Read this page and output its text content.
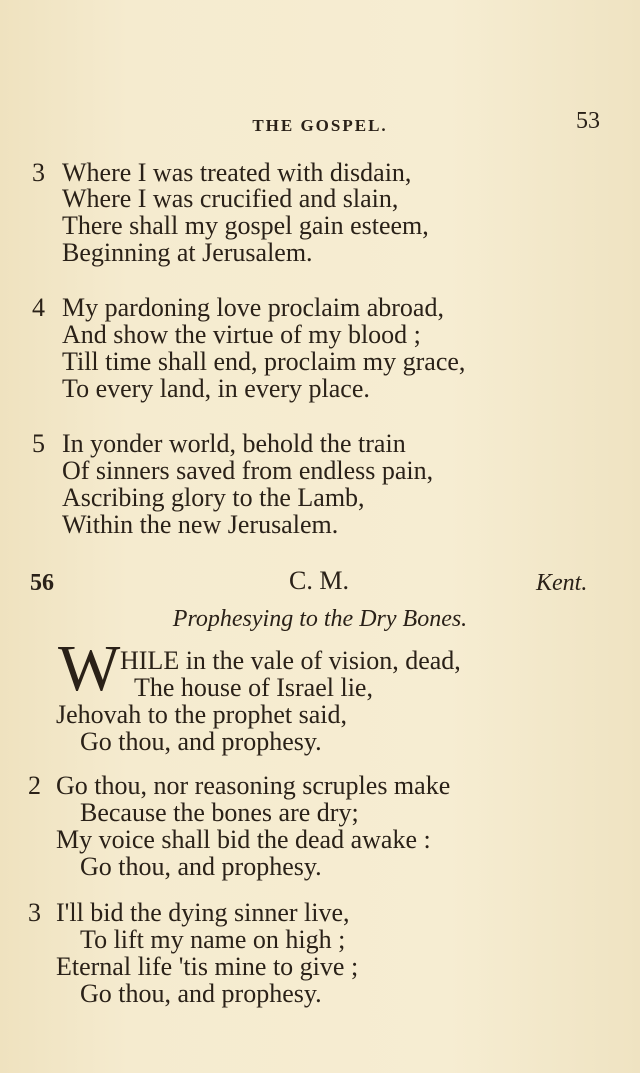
THE GOSPEL.	53
3 Where I was treated with disdain,
Where I was crucified and slain,
There shall my gospel gain esteem,
Beginning at Jerusalem.
4 My pardoning love proclaim abroad,
And show the virtue of my blood ;
Till time shall end, proclaim my grace,
To every land, in every place.
5 In yonder world, behold the train
Of sinners saved from endless pain,
Ascribing glory to the Lamb,
Within the new Jerusalem.
56	C. M.	Kent.
Prophesying to the Dry Bones.
W HILE in the vale of vision, dead,
The house of Israel lie,
Jehovah to the prophet said,
Go thou, and prophesy.
2 Go thou, nor reasoning scruples make
Because the bones are dry;
My voice shall bid the dead awake :
Go thou, and prophesy.
3 I'll bid the dying sinner live,
To lift my name on high ;
Eternal life 'tis mine to give ;
Go thou, and prophesy.
